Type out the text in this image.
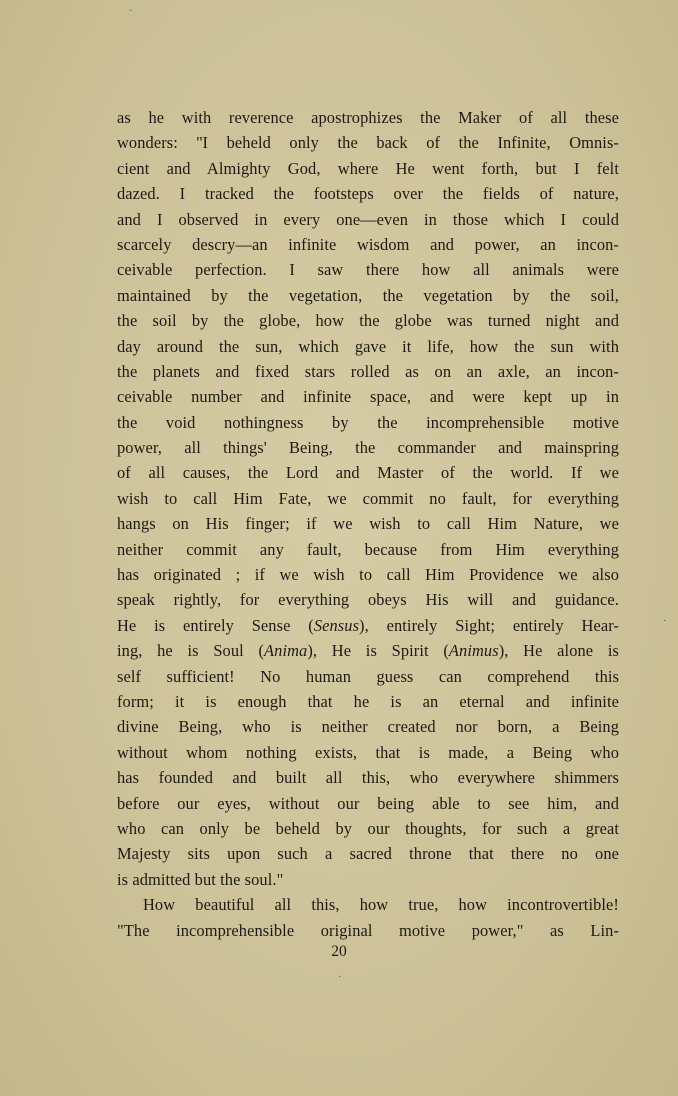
as he with reverence apostrophizes the Maker of all these
wonders: ''I beheld only the back of the Infinite, Omnis-
cient and Almighty God, where He went forth, but I felt
dazed. I tracked the footsteps over the fields of nature,
and I observed in every one—even in those which I could
scarcely descry—an infinite wisdom and power, an incon-
ceivable perfection. I saw there how all animals were
maintained by the vegetation, the vegetation by the soil,
the soil by the globe, how the globe was turned night and
day around the sun, which gave it life, how the sun with
the planets and fixed stars rolled as on an axle, an incon-
ceivable number and infinite space, and were kept up in
the void nothingness by the incomprehensible motive
power, all things' Being, the commander and mainspring
of all causes, the Lord and Master of the world. If we
wish to call Him Fate, we commit no fault, for everything
hangs on His finger; if we wish to call Him Nature, we
neither commit any fault, because from Him everything
has originated ; if we wish to call Him Providence we also
speak rightly, for everything obeys His will and guidance.
He is entirely Sense (Sensus), entirely Sight; entirely Hear-
ing, he is Soul (Anima), He is Spirit (Animus), He alone is
self sufficient! No human guess can comprehend this
form; it is enough that he is an eternal and infinite
divine Being, who is neither created nor born, a Being
without whom nothing exists, that is made, a Being who
has founded and built all this, who everywhere shimmers
before our eyes, without our being able to see him, and
who can only be beheld by our thoughts, for such a great
Majesty sits upon such a sacred throne that there no one
is admitted but the soul."
How beautiful all this, how true, how incontrovertible!
"The incomprehensible original motive power," as Lin-
20
·
·
·
